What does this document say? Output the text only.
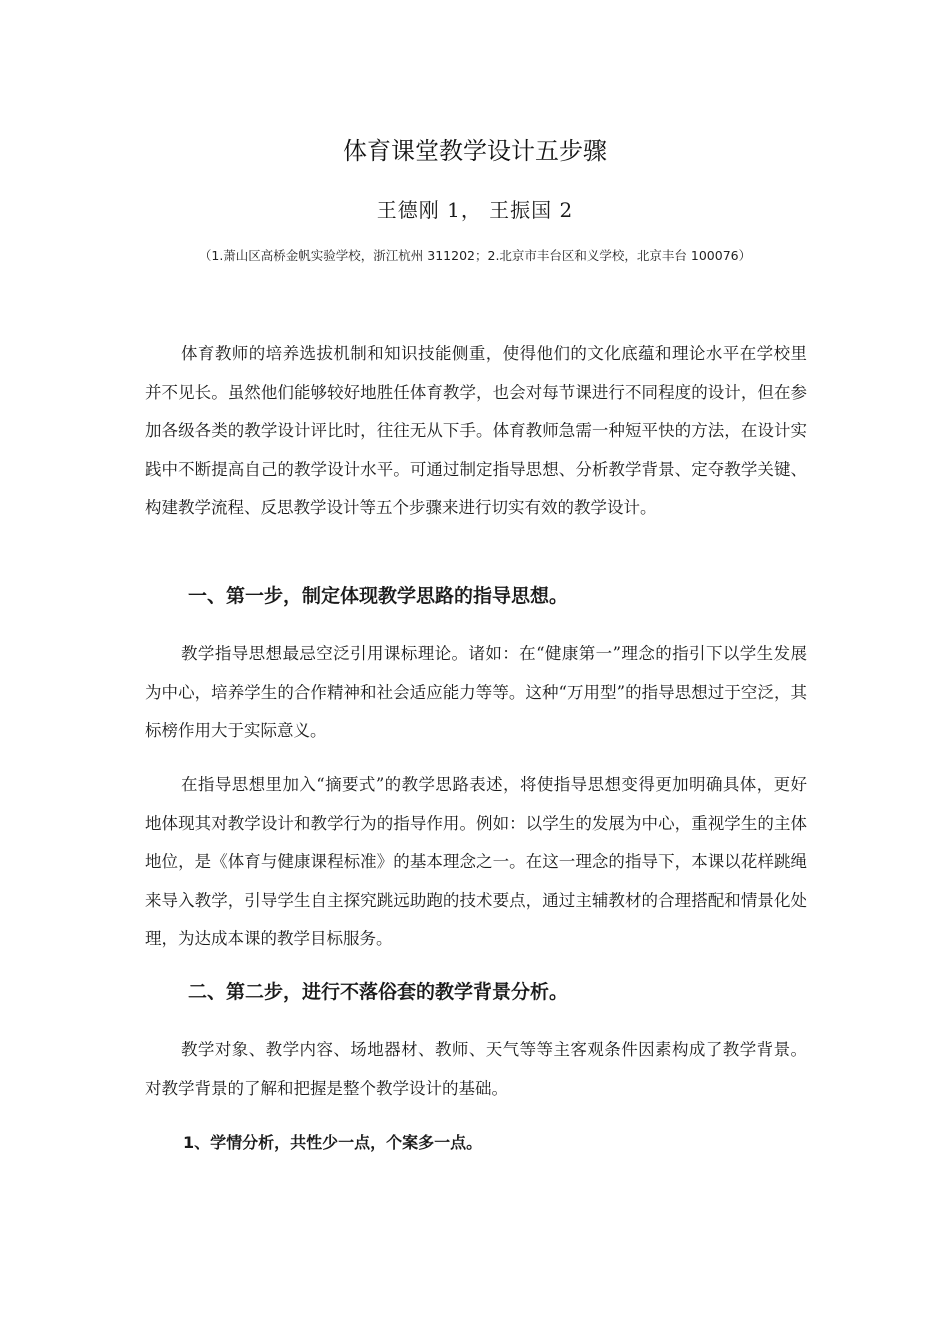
体育课堂教学设计五步骤
王德刚 1， 王振国 2
（1.萧山区高桥金帆实验学校，浙江杭州 311202；2.北京市丰台区和义学校，北京丰台 100076）

体育教师的培养选拔机制和知识技能侧重，使得他们的文化底蕴和理论水平在学校里并不见长。虽然他们能够较好地胜任体育教学，也会对每节课进行不同程度的设计，但在参加各级各类的教学设计评比时，往往无从下手。体育教师急需一种短平快的方法，在设计实践中不断提高自己的教学设计水平。可通过制定指导思想、分析教学背景、定夺教学关键、构建教学流程、反思教学设计等五个步骤来进行切实有效的教学设计。

一、第一步，制定体现教学思路的指导思想。

教学指导思想最忌空泛引用课标理论。诸如：在“健康第一”理念的指引下以学生发展为中心，培养学生的合作精神和社会适应能力等等。这种“万用型”的指导思想过于空泛，其标榜作用大于实际意义。

在指导思想里加入“摘要式”的教学思路表述，将使指导思想变得更加明确具体，更好地体现其对教学设计和教学行为的指导作用。例如：以学生的发展为中心，重视学生的主体地位，是《体育与健康课程标准》的基本理念之一。在这一理念的指导下，本课以花样跳绳来导入教学，引导学生自主探究跳远助跑的技术要点，通过主辅教材的合理搭配和情景化处理，为达成本课的教学目标服务。

二、第二步，进行不落俗套的教学背景分析。

教学对象、教学内容、场地器材、教师、天气等等主客观条件因素构成了教学背景。对教学背景的了解和把握是整个教学设计的基础。

1、学情分析，共性少一点，个案多一点。
